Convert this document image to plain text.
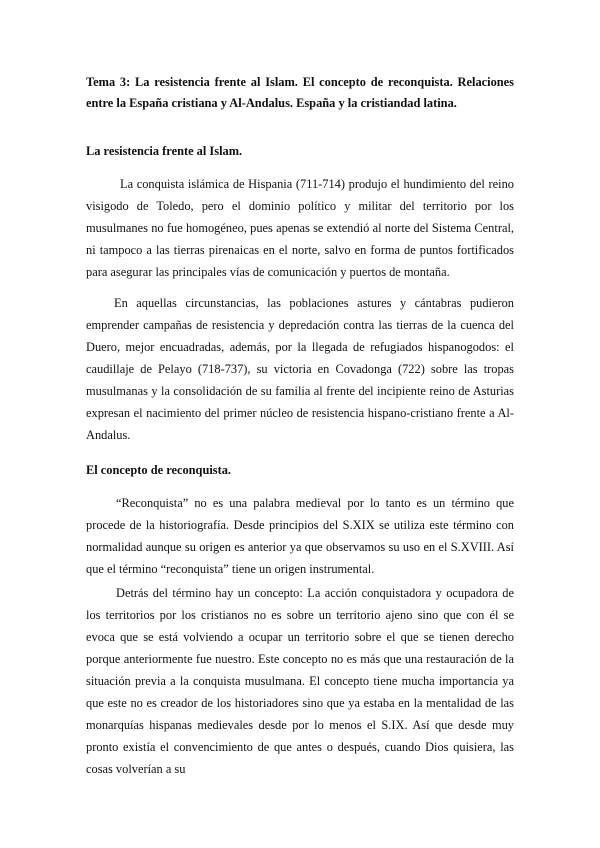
Tema 3: La resistencia frente al Islam. El concepto de reconquista. Relaciones entre la España cristiana y Al-Andalus. España y la cristiandad latina.

La resistencia frente al Islam.

La conquista islámica de Hispania (711-714) produjo el hundimiento del reino visigodo de Toledo, pero el dominio político y militar del territorio por los musulmanes no fue homogéneo, pues apenas se extendió al norte del Sistema Central, ni tampoco a las tierras pirenaicas en el norte, salvo en forma de puntos fortificados para asegurar las principales vías de comunicación y puertos de montaña.

En aquellas circunstancias, las poblaciones astures y cántabras pudieron emprender campañas de resistencia y depredación contra las tierras de la cuenca del Duero, mejor encuadradas, además, por la llegada de refugiados hispanogodos: el caudillaje de Pelayo (718-737), su victoria en Covadonga (722) sobre las tropas musulmanas y la consolidación de su familia al frente del incipiente reino de Asturias expresan el nacimiento del primer núcleo de resistencia hispano-cristiano frente a Al-Andalus.

El concepto de reconquista.

“Reconquista” no es una palabra medieval por lo tanto es un término que procede de la historiografía. Desde principios del S.XIX se utiliza este término con normalidad aunque su origen es anterior ya que observamos su uso en el S.XVIII. Así que el término “reconquista” tiene un origen instrumental.

Detrás del término hay un concepto: La acción conquistadora y ocupadora de los territorios por los cristianos no es sobre un territorio ajeno sino que con él se evoca que se está volviendo a ocupar un territorio sobre el que se tienen derecho porque anteriormente fue nuestro. Este concepto no es más que una restauración de la situación previa a la conquista musulmana. El concepto tiene mucha importancia ya que este no es creador de los historiadores sino que ya estaba en la mentalidad de las monarquías hispanas medievales desde por lo menos el S.IX. Así que desde muy pronto existía el convencimiento de que antes o después, cuando Dios quisiera, las cosas volverían a su
